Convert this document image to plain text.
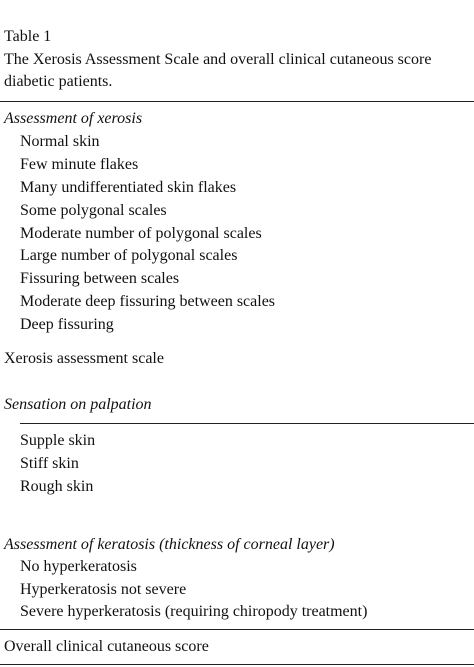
Table 1
The Xerosis Assessment Scale and overall clinical cutaneous score
diabetic patients.
Assessment of xerosis
Normal skin
Few minute flakes
Many undifferentiated skin flakes
Some polygonal scales
Moderate number of polygonal scales
Large number of polygonal scales
Fissuring between scales
Moderate deep fissuring between scales
Deep fissuring
Xerosis assessment scale
Sensation on palpation
Supple skin
Stiff skin
Rough skin
Assessment of keratosis (thickness of corneal layer)
No hyperkeratosis
Hyperkeratosis not severe
Severe hyperkeratosis (requiring chiropody treatment)
Overall clinical cutaneous score
